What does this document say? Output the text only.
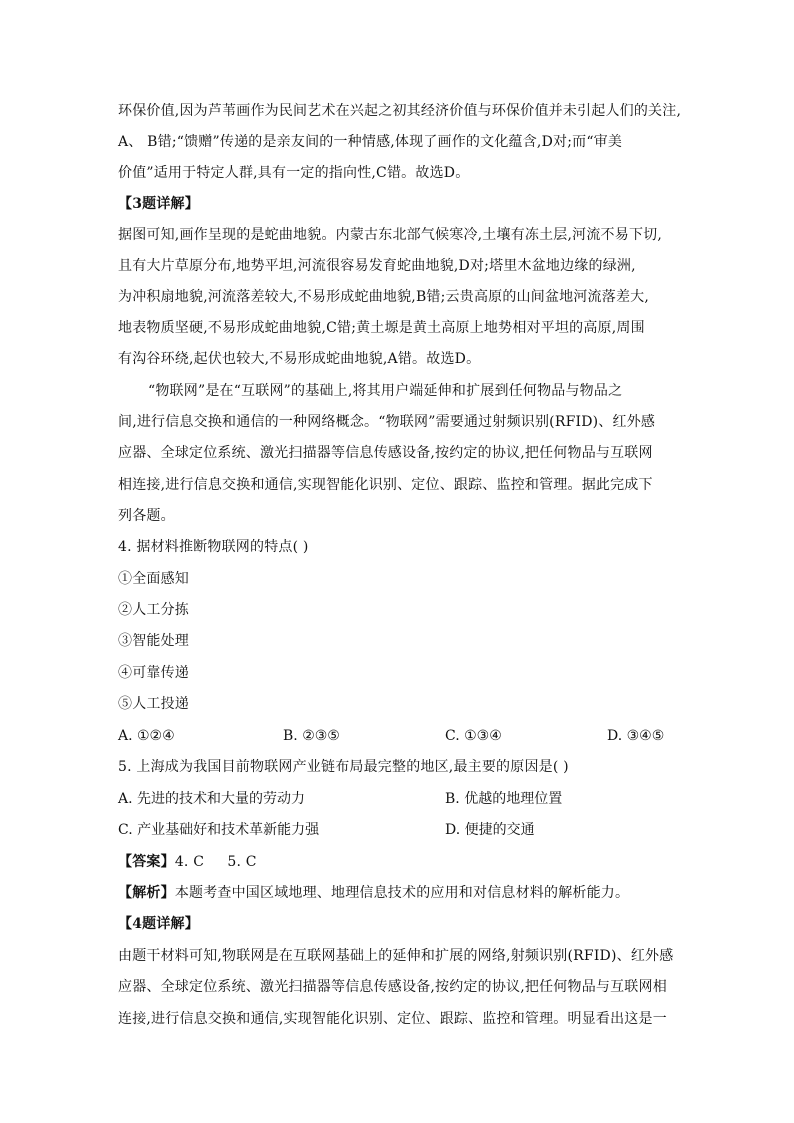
环保价值,因为芦苇画作为民间艺术在兴起之初其经济价值与环保价值并未引起人们的关注,
A、 B错;“馈赠”传递的是亲友间的一种情感,体现了画作的文化蕴含,D对;而“审美
价值”适用于特定人群,具有一定的指向性,C错。故选D。
【3题详解】
据图可知,画作呈现的是蛇曲地貌。内蒙古东北部气候寒冷,土壤有冻土层,河流不易下切,
且有大片草原分布,地势平坦,河流很容易发育蛇曲地貌,D对;塔里木盆地边缘的绿洲,
为冲积扇地貌,河流落差较大,不易形成蛇曲地貌,B错;云贵高原的山间盆地河流落差大,
地表物质坚硬,不易形成蛇曲地貌,C错;黄土塬是黄土高原上地势相对平坦的高原,周围
有沟谷环绕,起伏也较大,不易形成蛇曲地貌,A错。故选D。
“物联网”是在“互联网”的基础上,将其用户端延伸和扩展到任何物品与物品之
间,进行信息交换和通信的一种网络概念。“物联网”需要通过射频识别(RFID)、红外感
应器、全球定位系统、激光扫描器等信息传感设备,按约定的协议,把任何物品与互联网
相连接,进行信息交换和通信,实现智能化识别、定位、跟踪、监控和管理。据此完成下
列各题。
4. 据材料推断物联网的特点( )
①全面感知
②人工分拣
③智能处理
④可靠传递
⑤人工投递
A. ①②④	B. ②③⑤	C. ①③④	D. ③④⑤
5. 上海成为我国目前物联网产业链布局最完整的地区,最主要的原因是( )
A. 先进的技术和大量的劳动力	B. 优越的地理位置
C. 产业基础好和技术革新能力强	D. 便捷的交通
【答案】4. C     5. C
【解析】本题考查中国区域地理、地理信息技术的应用和对信息材料的解析能力。
【4题详解】
由题干材料可知,物联网是在互联网基础上的延伸和扩展的网络,射频识别(RFID)、红外感
应器、全球定位系统、激光扫描器等信息传感设备,按约定的协议,把任何物品与互联网相
连接,进行信息交换和通信,实现智能化识别、定位、跟踪、监控和管理。明显看出这是一
